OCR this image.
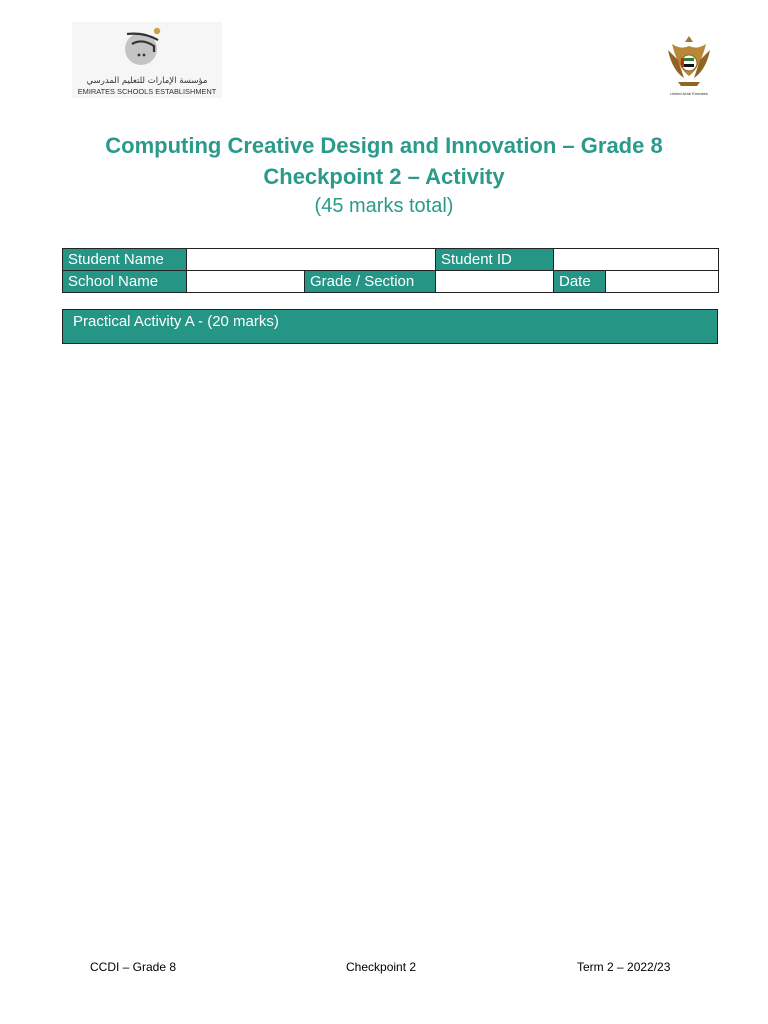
مؤسسة الإمارات للتعليم المدرسي
EMIRATES SCHOOLS ESTABLISHMENT	United Arab Emirates
Computing Creative Design and Innovation – Grade 8
Checkpoint 2 – Activity
(45 marks total)
Student Name			Student ID		
School Name		Grade / Section		Date	
Practical Activity A - (20 marks)
CCDI – Grade 8	Checkpoint 2	Term 2 – 2022/23
